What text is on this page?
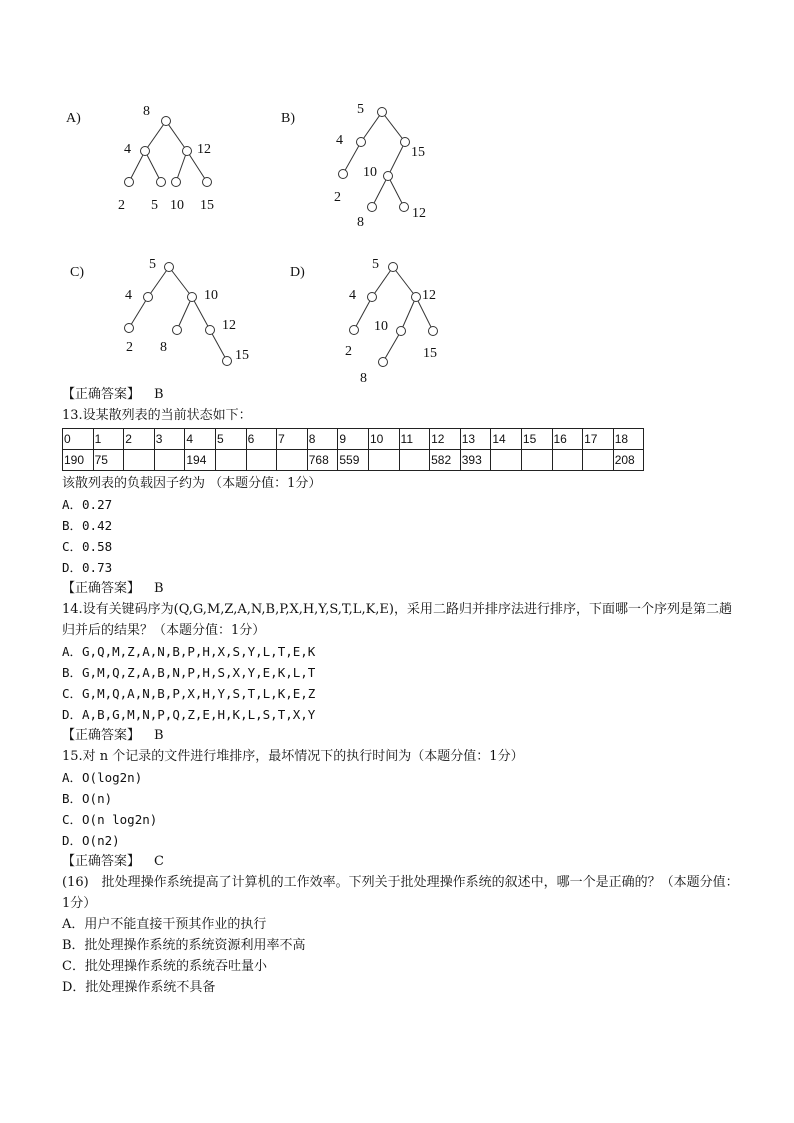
A)	8
4	12
2 5 10 15
B)
5
4
15
2
10
8
12
C)
5
4	10
2 8
12
15
D)
5
4	12
2
10
15
8
【正确答案】 B
13.设某散列表的当前状态如下：
0	1	2	3	4	5	6	7	8	9	10	11	12	13	14	15	16	17	18
190	75			194				768	559			582	393					208
该散列表的负载因子约为 （本题分值：1分）
A．0.27
B．0.42
C．0.58
D．0.73
【正确答案】 B
14.设有关键码序为(Q,G,M,Z,A,N,B,P,X,H,Y,S,T,L,K,E)，采用二路归并排序法进行排序，下面哪一个序列是第二趟归并后的结果？（本题分值：1分）
A．G,Q,M,Z,A,N,B,P,H,X,S,Y,L,T,E,K
B．G,M,Q,Z,A,B,N,P,H,S,X,Y,E,K,L,T
C．G,M,Q,A,N,B,P,X,H,Y,S,T,L,K,E,Z
D．A,B,G,M,N,P,Q,Z,E,H,K,L,S,T,X,Y
【正确答案】 B
15.对 n 个记录的文件进行堆排序，最坏情况下的执行时间为（本题分值：1分）
A．O(log2n)
B．O(n)
C．O(n log2n)
D．O(n2)
【正确答案】 C
(16)　批处理操作系统提高了计算机的工作效率。下列关于批处理操作系统的叙述中，哪一个是正确的？（本题分值：1分）
A．用户不能直接干预其作业的执行
B．批处理操作系统的系统资源利用率不高
C．批处理操作系统的系统吞吐量小
D．批处理操作系统不具备
